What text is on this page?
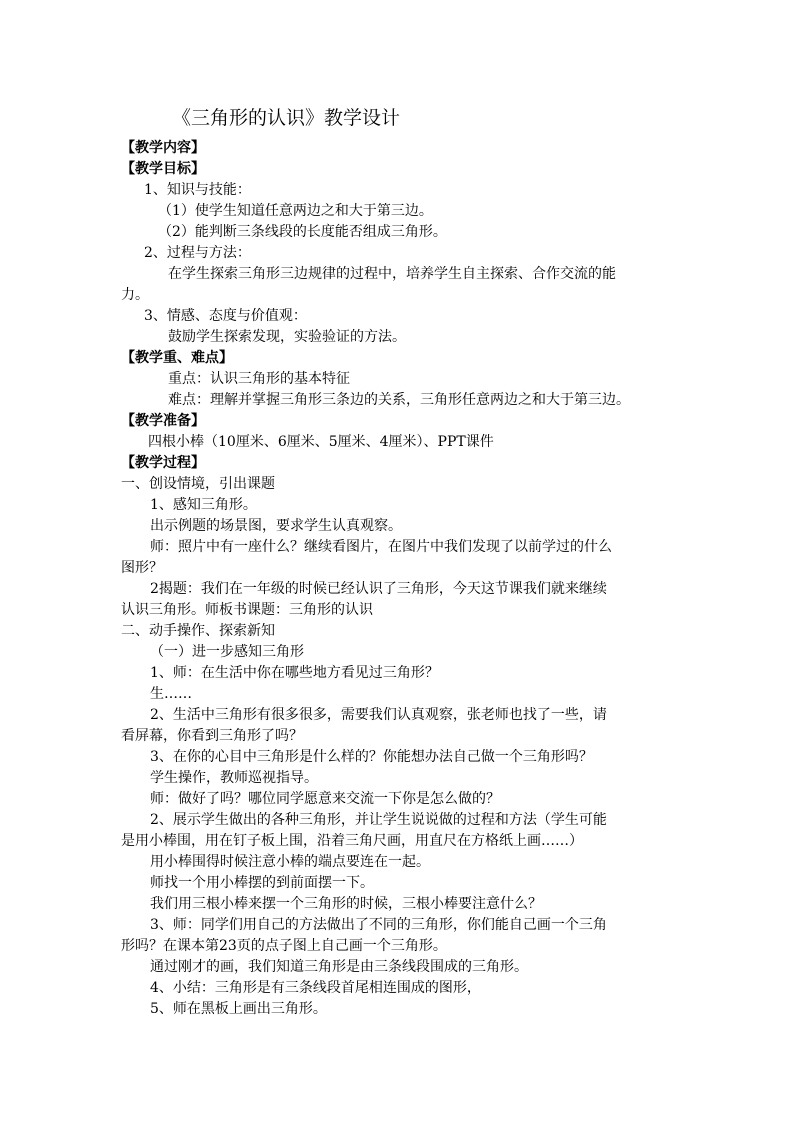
《三角形的认识》教学设计
【教学内容】
【教学目标】
1、知识与技能：
（1）使学生知道任意两边之和大于第三边。
（2）能判断三条线段的长度能否组成三角形。
2、过程与方法：
在学生探索三角形三边规律的过程中，培养学生自主探索、合作交流的能
力。
3、情感、态度与价值观：
鼓励学生探索发现，实验验证的方法。
【教学重、难点】
重点：认识三角形的基本特征
难点：理解并掌握三角形三条边的关系，三角形任意两边之和大于第三边。
【教学准备】
四根小棒（10厘米、6厘米、5厘米、4厘米）、PPT课件
【教学过程】
一、创设情境，引出课题
1、感知三角形。
出示例题的场景图，要求学生认真观察。
师：照片中有一座什么？继续看图片，在图片中我们发现了以前学过的什么
图形？
2揭题：我们在一年级的时候已经认识了三角形，今天这节课我们就来继续
认识三角形。师板书课题：三角形的认识
二、动手操作、探索新知
（一）进一步感知三角形
1、师：在生活中你在哪些地方看见过三角形？
生……
2、生活中三角形有很多很多，需要我们认真观察，张老师也找了一些，请
看屏幕，你看到三角形了吗？
3、在你的心目中三角形是什么样的？你能想办法自己做一个三角形吗？
学生操作，教师巡视指导。
师：做好了吗？哪位同学愿意来交流一下你是怎么做的？
2、展示学生做出的各种三角形，并让学生说说做的过程和方法（学生可能
是用小棒围，用在钉子板上围，沿着三角尺画，用直尺在方格纸上画……）
用小棒围得时候注意小棒的端点要连在一起。
师找一个用小棒摆的到前面摆一下。
我们用三根小棒来摆一个三角形的时候，三根小棒要注意什么？
3、师：同学们用自己的方法做出了不同的三角形，你们能自己画一个三角
形吗？在课本第23页的点子图上自己画一个三角形。
通过刚才的画，我们知道三角形是由三条线段围成的三角形。
4、小结：三角形是有三条线段首尾相连围成的图形，
5、师在黑板上画出三角形。
